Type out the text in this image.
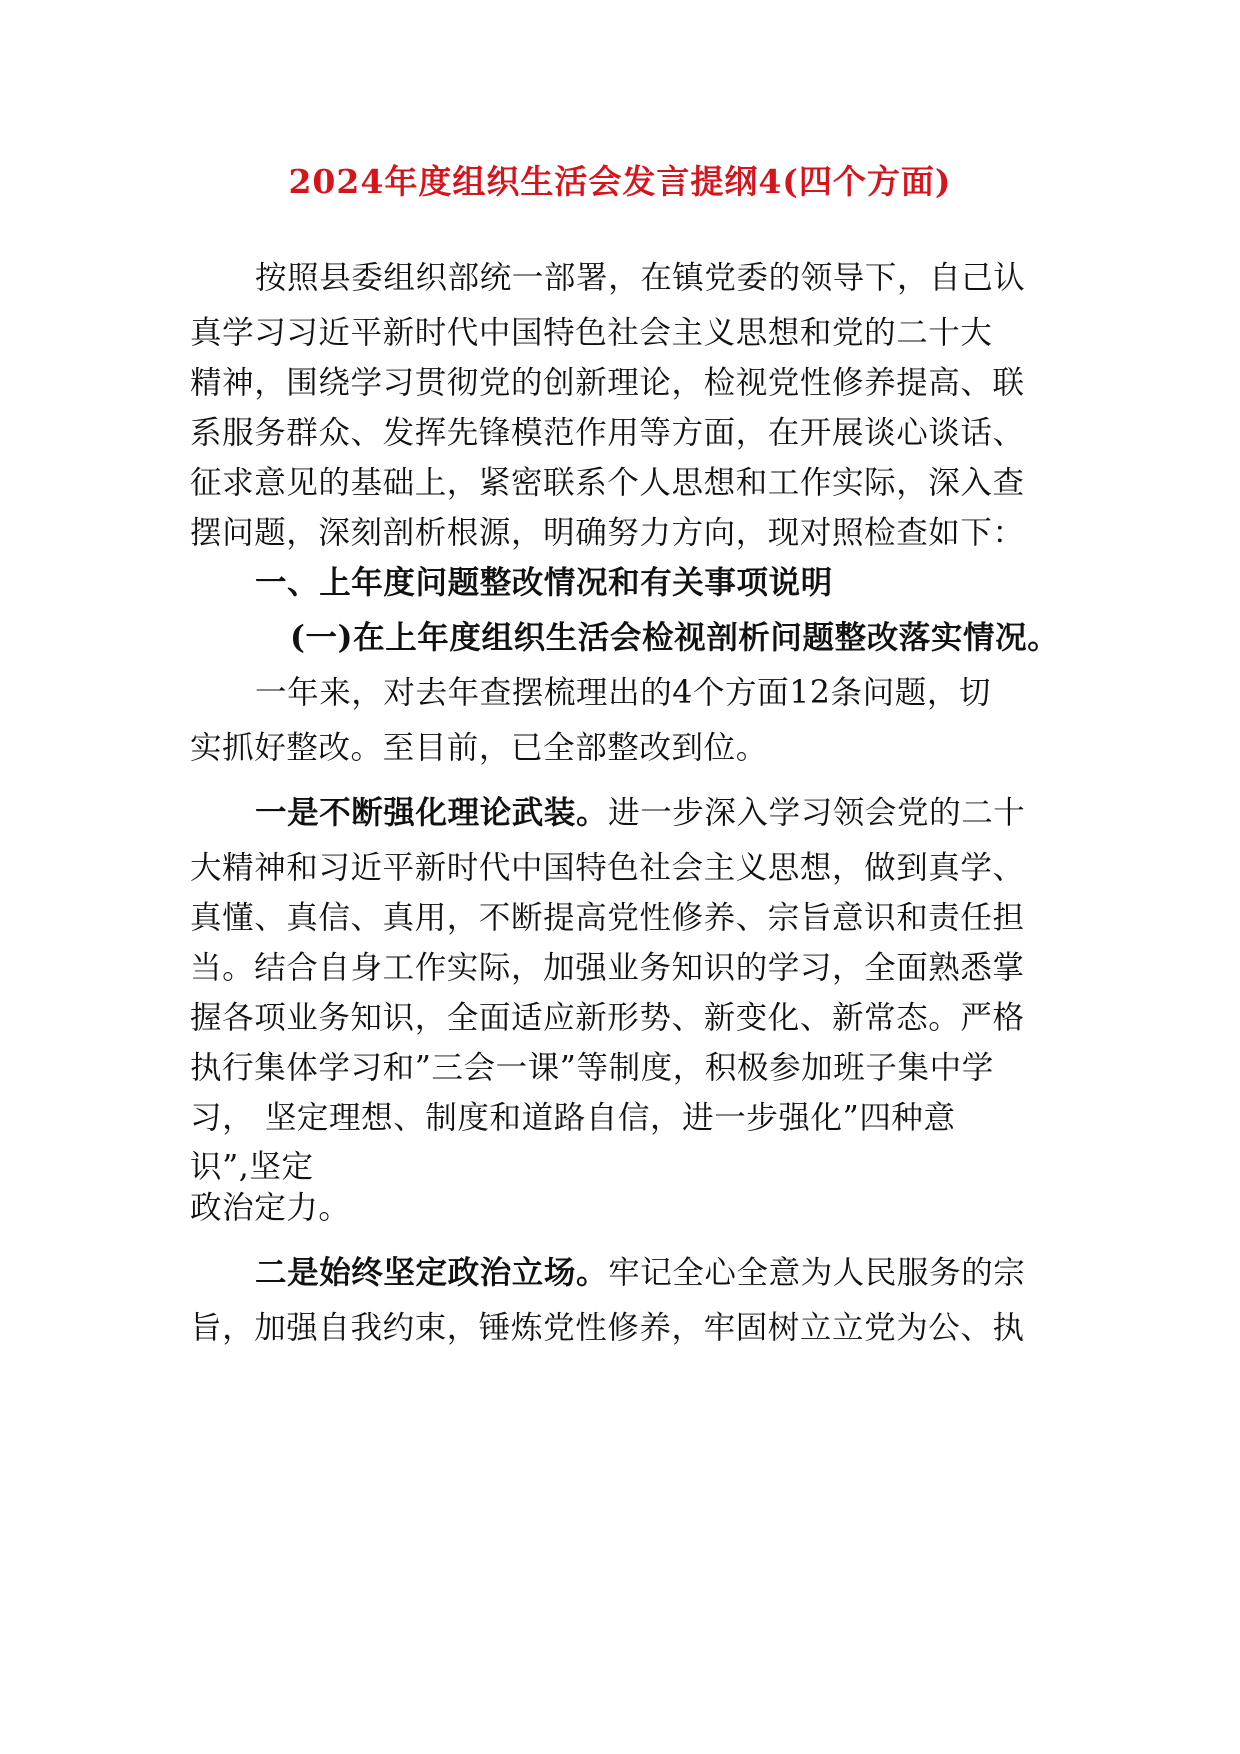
2024年度组织生活会发言提纲4(四个方面)
按照县委组织部统一部署，在镇党委的领导下，自己认
真学习习近平新时代中国特色社会主义思想和党的二十大
精神，围绕学习贯彻党的创新理论，检视党性修养提高、联
系服务群众、发挥先锋模范作用等方面，在开展谈心谈话、
征求意见的基础上，紧密联系个人思想和工作实际，深入查
摆问题，深刻剖析根源，明确努力方向，现对照检查如下：
一、上年度问题整改情况和有关事项说明
(一)在上年度组织生活会检视剖析问题整改落实情况。
一年来，对去年查摆梳理出的4个方面12条问题，切
实抓好整改。至目前，已全部整改到位。
一是不断强化理论武装。进一步深入学习领会党的二十
大精神和习近平新时代中国特色社会主义思想，做到真学、
真懂、真信、真用，不断提高党性修养、宗旨意识和责任担
当。结合自身工作实际，加强业务知识的学习，全面熟悉掌
握各项业务知识，全面适应新形势、新变化、新常态。严格
执行集体学习和”三会一课”等制度，积极参加班子集中学
习， 坚定理想、制度和道路自信，进一步强化”四种意
识”,坚定
政治定力。
二是始终坚定政治立场。牢记全心全意为人民服务的宗
旨，加强自我约束，锤炼党性修养，牢固树立立党为公、执
